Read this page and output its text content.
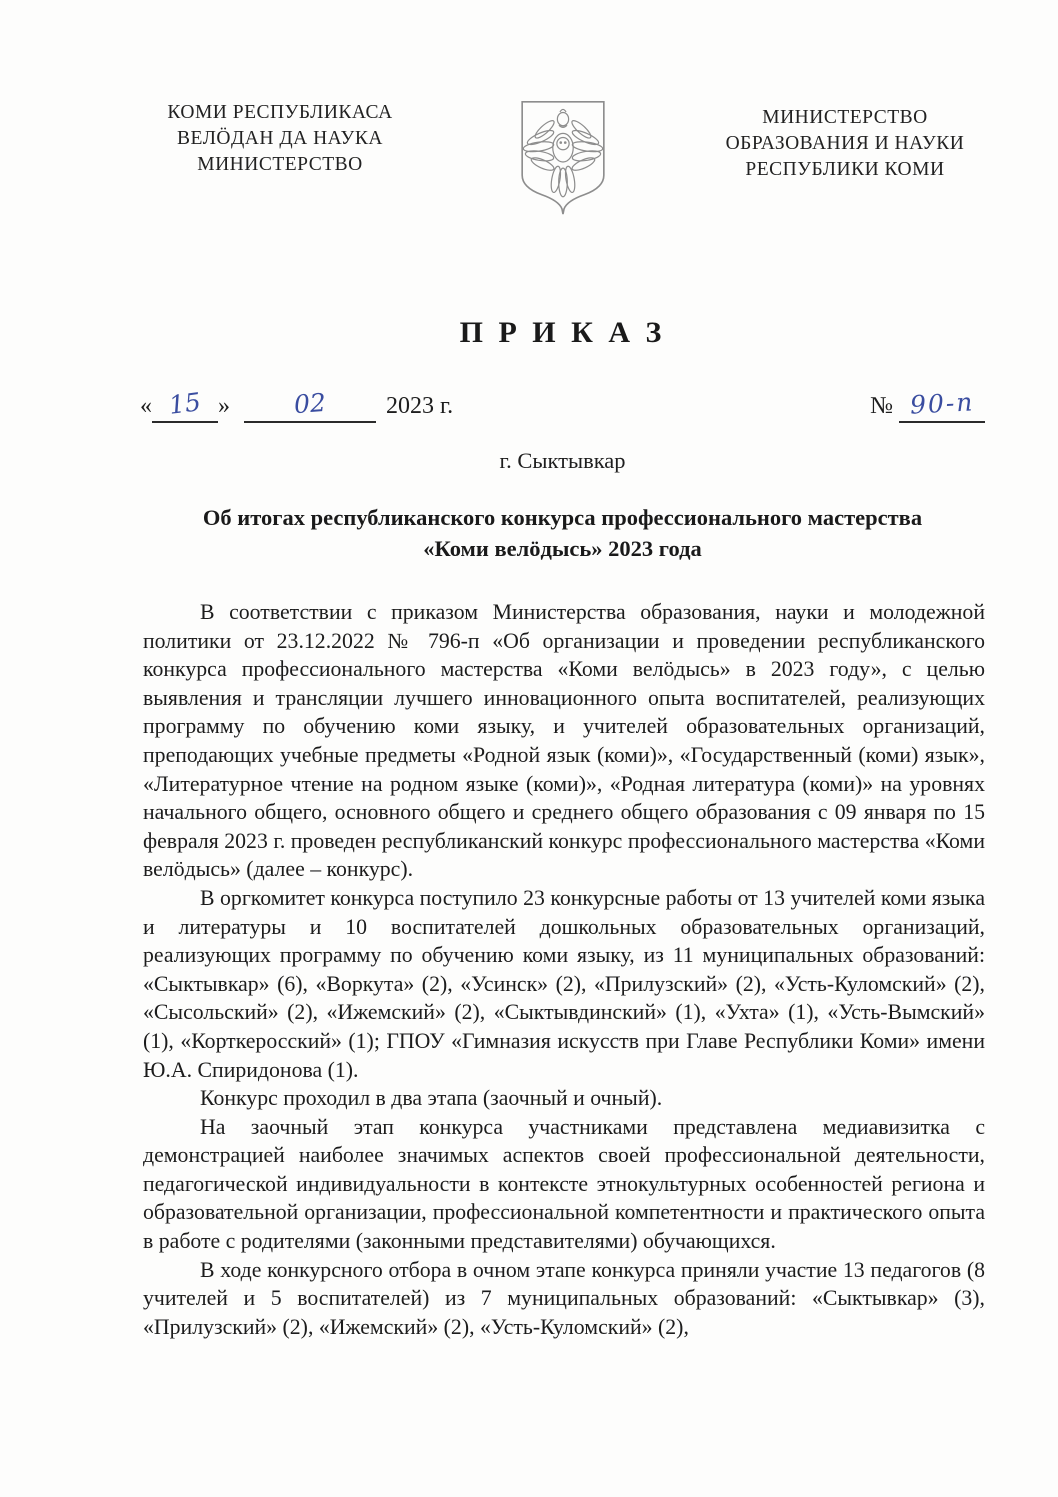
КОМИ РЕСПУБЛИКАСА
ВЕЛӦДАН ДА НАУКА
МИНИСТЕРСТВО
МИНИСТЕРСТВО
ОБРАЗОВАНИЯ И НАУКИ
РЕСПУБЛИКИ КОМИ
П Р И К А З
« 15 »	02 2023 г.	№ 90-п
г. Сыктывкар
Об итогах республиканского конкурса профессионального мастерства
«Коми велӧдысь» 2023 года

В соответствии с приказом Министерства образования, науки и молодежной политики от 23.12.2022 № 796-п «Об организации и проведении республиканского конкурса профессионального мастерства «Коми велӧдысь» в 2023 году», с целью выявления и трансляции лучшего инновационного опыта воспитателей, реализующих программу по обучению коми языку, и учителей образовательных организаций, преподающих учебные предметы «Родной язык (коми)», «Государственный (коми) язык», «Литературное чтение на родном языке (коми)», «Родная литература (коми)» на уровнях начального общего, основного общего и среднего общего образования с 09 января по 15 февраля 2023 г. проведен республиканский конкурс профессионального мастерства «Коми велӧдысь» (далее – конкурс).

В оргкомитет конкурса поступило 23 конкурсные работы от 13 учителей коми языка и литературы и 10 воспитателей дошкольных образовательных организаций, реализующих программу по обучению коми языку, из 11 муниципальных образований: «Сыктывкар» (6), «Воркута» (2), «Усинск» (2), «Прилузский» (2), «Усть-Куломский» (2), «Сысольский» (2), «Ижемский» (2), «Сыктывдинский» (1), «Ухта» (1), «Усть-Вымский» (1), «Корткеросский» (1); ГПОУ «Гимназия искусств при Главе Республики Коми» имени Ю.А. Спиридонова (1).

Конкурс проходил в два этапа (заочный и очный).

На заочный этап конкурса участниками представлена медиавизитка с демонстрацией наиболее значимых аспектов своей профессиональной деятельности, педагогической индивидуальности в контексте этнокультурных особенностей региона и образовательной организации, профессиональной компетентности и практического опыта в работе с родителями (законными представителями) обучающихся.

В ходе конкурсного отбора в очном этапе конкурса приняли участие 13 педагогов (8 учителей и 5 воспитателей) из 7 муниципальных образований: «Сыктывкар» (3), «Прилузский» (2), «Ижемский» (2), «Усть-Куломский» (2),
